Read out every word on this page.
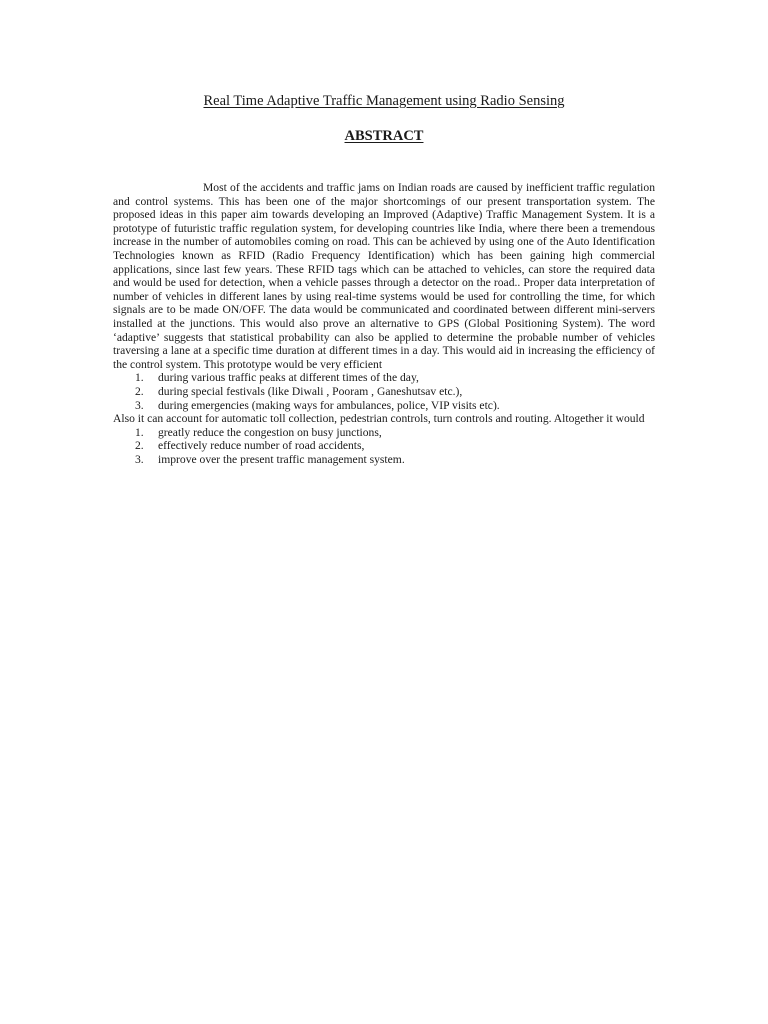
Real Time Adaptive Traffic Management using Radio Sensing
ABSTRACT

Most of the accidents and traffic jams on Indian roads are caused by inefficient traffic regulation and control systems. This has been one of the major shortcomings of our present transportation system. The proposed ideas in this paper aim towards developing an Improved (Adaptive) Traffic Management System. It is a prototype of futuristic traffic regulation system, for developing countries like India, where there been a tremendous increase in the number of automobiles coming on road. This can be achieved by using one of the Auto Identification Technologies known as RFID (Radio Frequency Identification) which has been gaining high commercial applications, since last few years. These RFID tags which can be attached to vehicles, can store the required data and would be used for detection, when a vehicle passes through a detector on the road.. Proper data interpretation of number of vehicles in different lanes by using real-time systems would be used for controlling the time, for which signals are to be made ON/OFF. The data would be communicated and coordinated between different mini-servers installed at the junctions. This would also prove an alternative to GPS (Global Positioning System). The word ‘adaptive’ suggests that statistical probability can also be applied to determine the probable number of vehicles traversing a lane at a specific time duration at different times in a day. This would aid in increasing the efficiency of the control system. This prototype would be very efficient

1.	during various traffic peaks at different times of the day,
2.	during special festivals (like Diwali , Pooram , Ganeshutsav etc.),
3.	during emergencies (making ways for ambulances, police, VIP visits etc).

Also it can account for automatic toll collection, pedestrian controls, turn controls and routing. Altogether it would

1.	greatly reduce the congestion on busy junctions,
2.	effectively reduce number of road accidents,
3.	improve over the present traffic management system.
